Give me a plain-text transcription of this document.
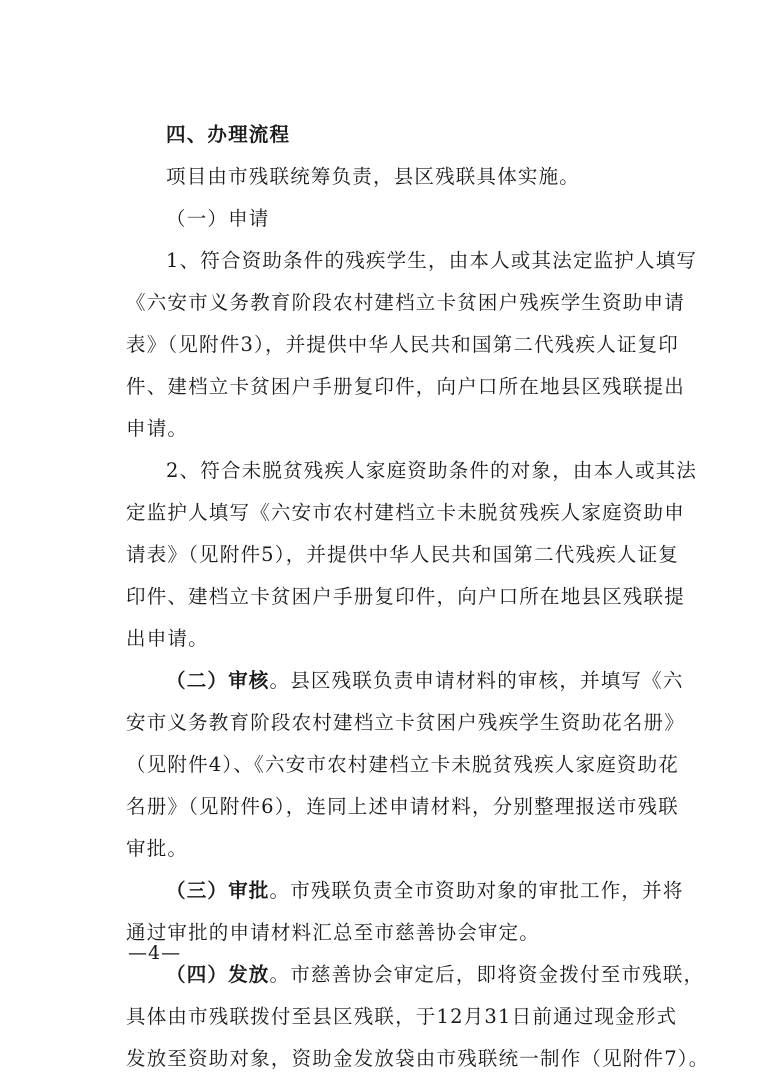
四、办理流程
项目由市残联统筹负责，县区残联具体实施。
（一）申请
1、符合资助条件的残疾学生，由本人或其法定监护人填写
《六安市义务教育阶段农村建档立卡贫困户残疾学生资助申请
表》（见附件3），并提供中华人民共和国第二代残疾人证复印
件、建档立卡贫困户手册复印件，向户口所在地县区残联提出
申请。
2、符合未脱贫残疾人家庭资助条件的对象，由本人或其法
定监护人填写《六安市农村建档立卡未脱贫残疾人家庭资助申
请表》（见附件5），并提供中华人民共和国第二代残疾人证复
印件、建档立卡贫困户手册复印件，向户口所在地县区残联提
出申请。
（二）审核。县区残联负责申请材料的审核，并填写《六
安市义务教育阶段农村建档立卡贫困户残疾学生资助花名册》
（见附件4）、《六安市农村建档立卡未脱贫残疾人家庭资助花
名册》（见附件6），连同上述申请材料，分别整理报送市残联
审批。
（三）审批。市残联负责全市资助对象的审批工作，并将
通过审批的申请材料汇总至市慈善协会审定。
（四）发放。市慈善协会审定后，即将资金拨付至市残联，
具体由市残联拨付至县区残联，于12月31日前通过现金形式
发放至资助对象，资助金发放袋由市残联统一制作（见附件7）。
—4—
